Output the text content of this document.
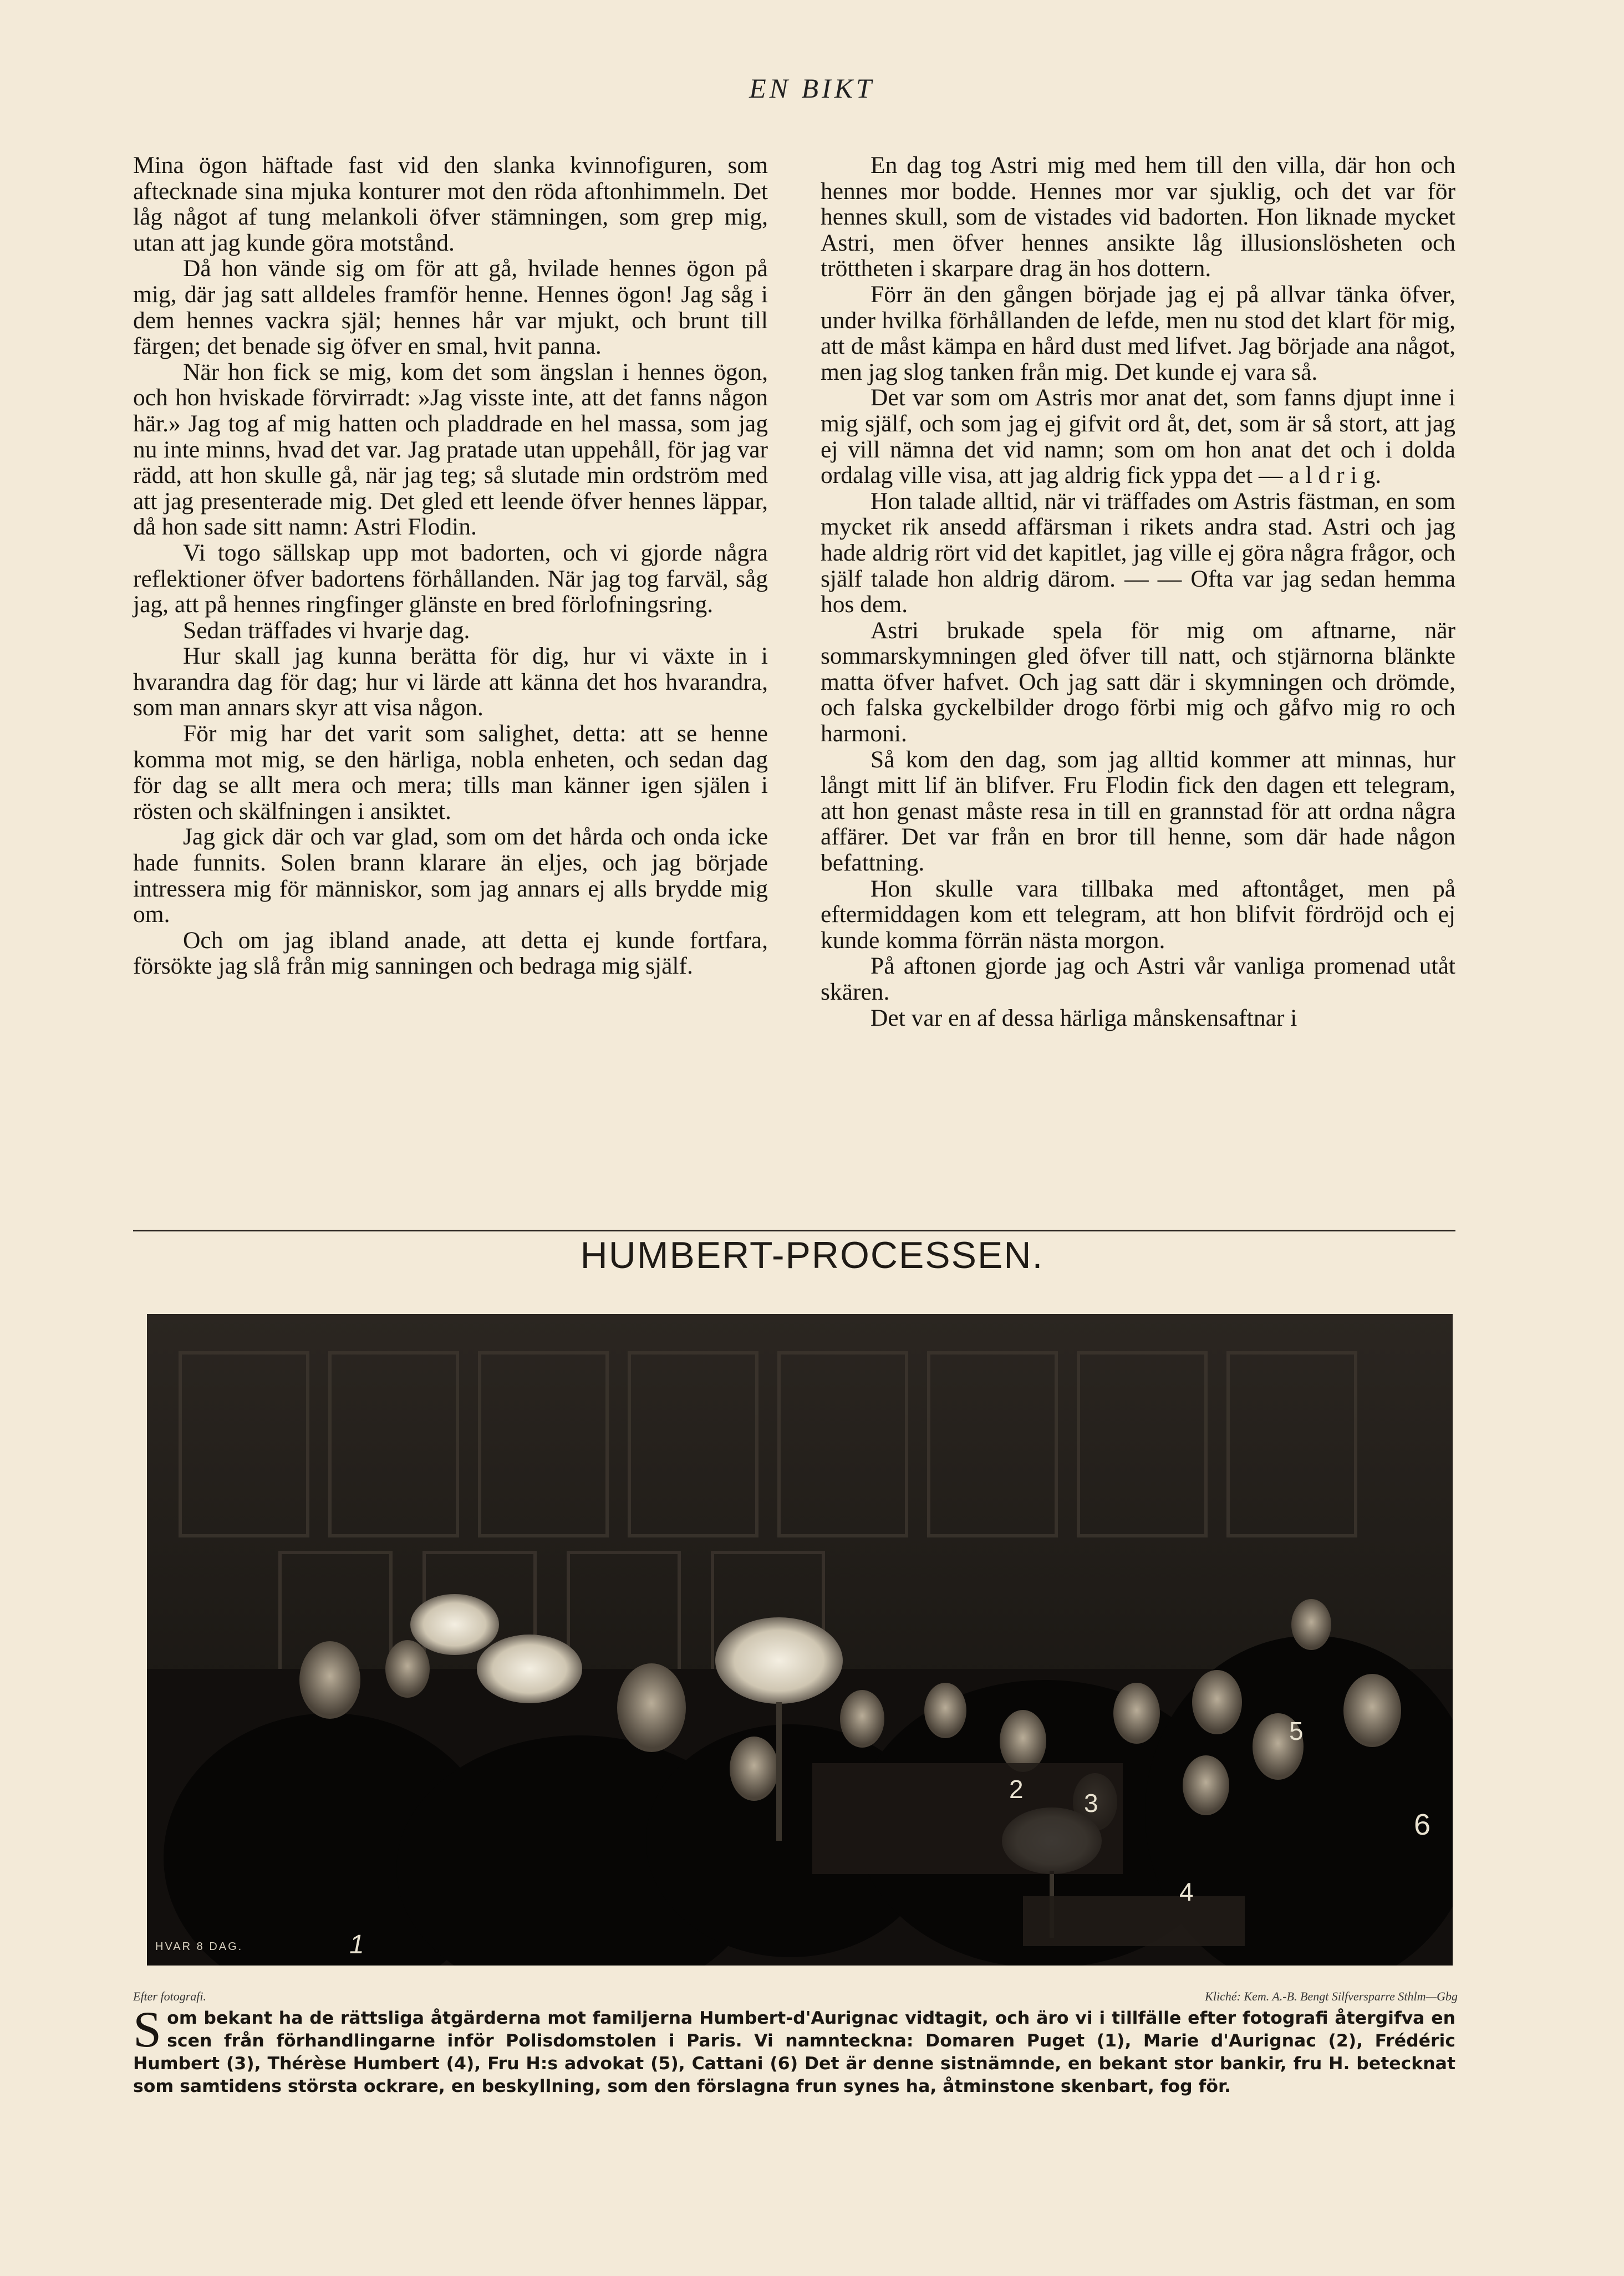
EN BIKT

Mina ögon häftade fast vid den slanka kvinnofiguren, som aftecknade sina mjuka konturer mot den röda aftonhimmeln. Det låg något af tung melankoli öfver stämningen, som grep mig, utan att jag kunde göra motstånd.

Då hon vände sig om för att gå, hvilade hennes ögon på mig, där jag satt alldeles framför henne. Hennes ögon! Jag såg i dem hennes vackra själ; hennes hår var mjukt, och brunt till färgen; det benade sig öfver en smal, hvit panna.

När hon fick se mig, kom det som ängslan i hennes ögon, och hon hviskade förvirradt: »Jag visste inte, att det fanns någon här.» Jag tog af mig hatten och pladdrade en hel massa, som jag nu inte minns, hvad det var. Jag pratade utan uppehåll, för jag var rädd, att hon skulle gå, när jag teg; så slutade min ordström med att jag presenterade mig. Det gled ett leende öfver hennes läppar, då hon sade sitt namn: Astri Flodin.

Vi togo sällskap upp mot badorten, och vi gjorde några reflektioner öfver badortens förhållanden. När jag tog farväl, såg jag, att på hennes ringfinger glänste en bred förlofningsring.

Sedan träffades vi hvarje dag.

Hur skall jag kunna berätta för dig, hur vi växte in i hvarandra dag för dag; hur vi lärde att känna det hos hvarandra, som man annars skyr att visa någon.

För mig har det varit som salighet, detta: att se henne komma mot mig, se den härliga, nobla enheten, och sedan dag för dag se allt mera och mera; tills man känner igen själen i rösten och skälfningen i ansiktet.

Jag gick där och var glad, som om det hårda och onda icke hade funnits. Solen brann klarare än eljes, och jag började intressera mig för människor, som jag annars ej alls brydde mig om.

Och om jag ibland anade, att detta ej kunde fortfara, försökte jag slå från mig sanningen och bedraga mig själf.

En dag tog Astri mig med hem till den villa, där hon och hennes mor bodde. Hennes mor var sjuklig, och det var för hennes skull, som de vistades vid badorten. Hon liknade mycket Astri, men öfver hennes ansikte låg illusionslösheten och tröttheten i skarpare drag än hos dottern.

Förr än den gången började jag ej på allvar tänka öfver, under hvilka förhållanden de lefde, men nu stod det klart för mig, att de måst kämpa en hård dust med lifvet. Jag började ana något, men jag slog tanken från mig. Det kunde ej vara så.

Det var som om Astris mor anat det, som fanns djupt inne i mig själf, och som jag ej gifvit ord åt, det, som är så stort, att jag ej vill nämna det vid namn; som om hon anat det och i dolda ordalag ville visa, att jag aldrig fick yppa det — a l d r i g.

Hon talade alltid, när vi träffades om Astris fästman, en som mycket rik ansedd affärsman i rikets andra stad. Astri och jag hade aldrig rört vid det kapitlet, jag ville ej göra några frågor, och själf talade hon aldrig därom. — — Ofta var jag sedan hemma hos dem.

Astri brukade spela för mig om aftnarne, när sommarskymningen gled öfver till natt, och stjärnorna blänkte matta öfver hafvet. Och jag satt där i skymningen och drömde, och falska gyckelbilder drogo förbi mig och gåfvo mig ro och harmoni.

Så kom den dag, som jag alltid kommer att minnas, hur långt mitt lif än blifver. Fru Flodin fick den dagen ett telegram, att hon genast måste resa in till en grannstad för att ordna några affärer. Det var från en bror till henne, som där hade någon befattning.

Hon skulle vara tillbaka med aftontåget, men på eftermiddagen kom ett telegram, att hon blifvit fördröjd och ej kunde komma förrän nästa morgon.

På aftonen gjorde jag och Astri vår vanliga promenad utåt skären.

Det var en af dessa härliga månskensaftnar i

HUMBERT-PROCESSEN.
2 3
4
5
6
1
HVAR 8 DAG.
Efter fotografi.	Kliché: Kem. A.-B. Bengt Silfversparre Sthlm—Gbg
Som bekant ha de rättsliga åtgärderna mot familjerna Humbert-d'Aurignac vidtagit, och äro vi i tillfälle efter fotografi återgifva en scen från förhandlingarne inför Polisdomstolen i Paris. Vi namnteckna: Domaren Puget (1), Marie d'Aurignac (2), Frédéric Humbert (3), Thérèse Humbert (4), Fru H:s advokat (5), Cattani (6) Det är denne sistnämnde, en bekant stor bankir, fru H. betecknat som samtidens största ockrare, en beskyllning, som den förslagna frun synes ha, åtminstone skenbart, fog för.
